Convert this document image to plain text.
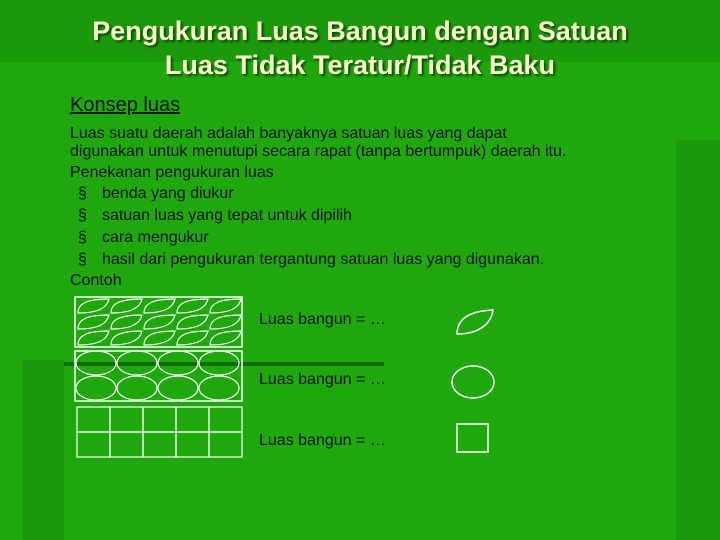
Pengukuran Luas Bangun dengan Satuan
Luas Tidak Teratur/Tidak Baku
Konsep luas
Luas suatu daerah adalah banyaknya satuan luas yang dapat
digunakan untuk menutupi secara rapat (tanpa bertumpuk) daerah itu.
Penekanan pengukuran luas
§ benda yang diukur
§ satuan luas yang tepat untuk dipilih
§ cara mengukur
§ hasil dari pengukuran tergantung satuan luas yang digunakan.
Contoh
Luas bangun = …
Luas bangun = …
Luas bangun = …
